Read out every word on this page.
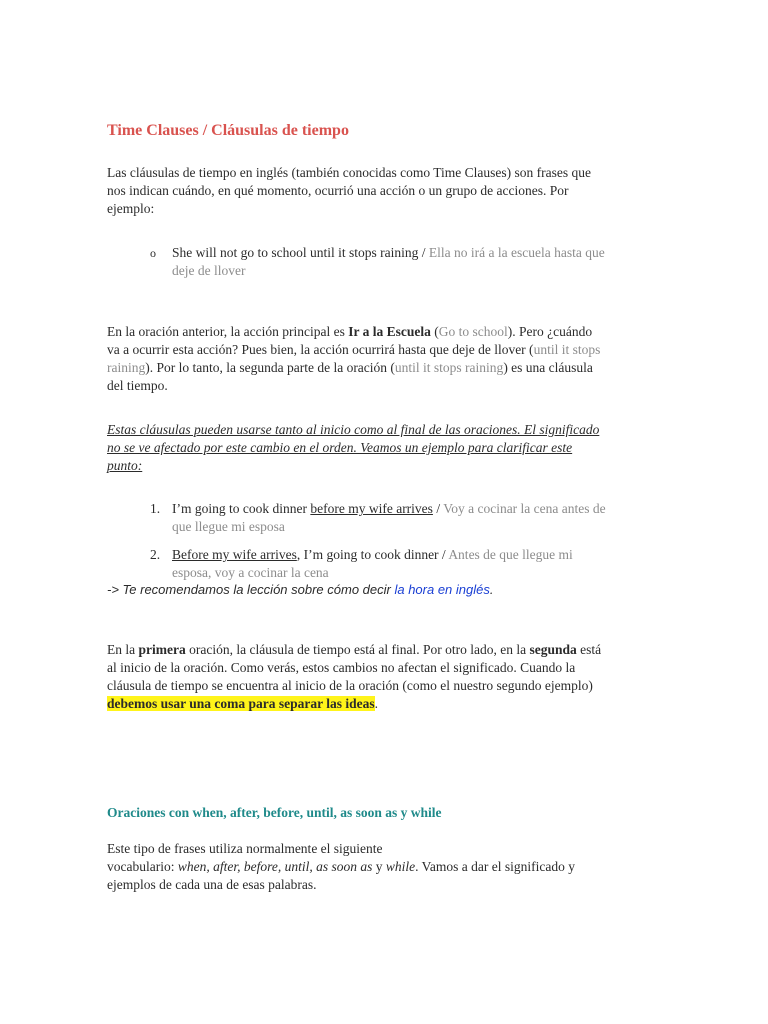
Time Clauses / Cláusulas de tiempo
Las cláusulas de tiempo en inglés (también conocidas como Time Clauses) son frases que
nos indican cuándo, en qué momento, ocurrió una acción o un grupo de acciones. Por
ejemplo:
o She will not go to school until it stops raining / Ella no irá a la escuela hasta que
deje de llover
En la oración anterior, la acción principal es Ir a la Escuela (Go to school). Pero ¿cuándo
va a ocurrir esta acción? Pues bien, la acción ocurrirá hasta que deje de llover (until it stops
raining). Por lo tanto, la segunda parte de la oración (until it stops raining) es una cláusula
del tiempo.
Estas cláusulas pueden usarse tanto al inicio como al final de las oraciones. El significado
no se ve afectado por este cambio en el orden. Veamos un ejemplo para clarificar este
punto:
1. I’m going to cook dinner before my wife arrives / Voy a cocinar la cena antes de
que llegue mi esposa
2. Before my wife arrives, I’m going to cook dinner / Antes de que llegue mi
esposa, voy a cocinar la cena
-> Te recomendamos la lección sobre cómo decir la hora en inglés.
En la primera oración, la cláusula de tiempo está al final. Por otro lado, en la segunda está
al inicio de la oración. Como verás, estos cambios no afectan el significado. Cuando la
cláusula de tiempo se encuentra al inicio de la oración (como el nuestro segundo ejemplo)
debemos usar una coma para separar las ideas.
Oraciones con when, after, before, until, as soon as y while
Este tipo de frases utiliza normalmente el siguiente
vocabulario: when, after, before, until, as soon as y while. Vamos a dar el significado y
ejemplos de cada una de esas palabras.
